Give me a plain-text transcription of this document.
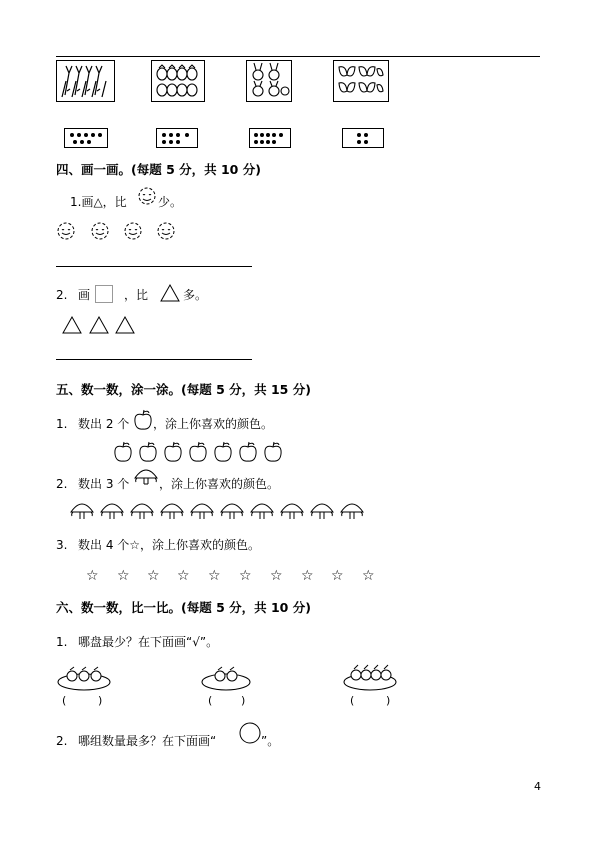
四、画一画。(每题 5 分，共 10 分)
1.画△，比	少。
2. 画	，比	多。
五、数一数，涂一涂。(每题 5 分，共 15 分)
1. 数出 2 个 ，涂上你喜欢的颜色。
2. 数出 3 个 ，涂上你喜欢的颜色。
3. 数出 4 个☆，涂上你喜欢的颜色。
☆ ☆ ☆ ☆ ☆ ☆ ☆ ☆ ☆ ☆
六、数一数，比一比。(每题 5 分，共 10 分)
1. 哪盘最少？在下面画“√”。
(	)	(	)	(	)
2. 哪组数量最多？在下面画“	”。
4
